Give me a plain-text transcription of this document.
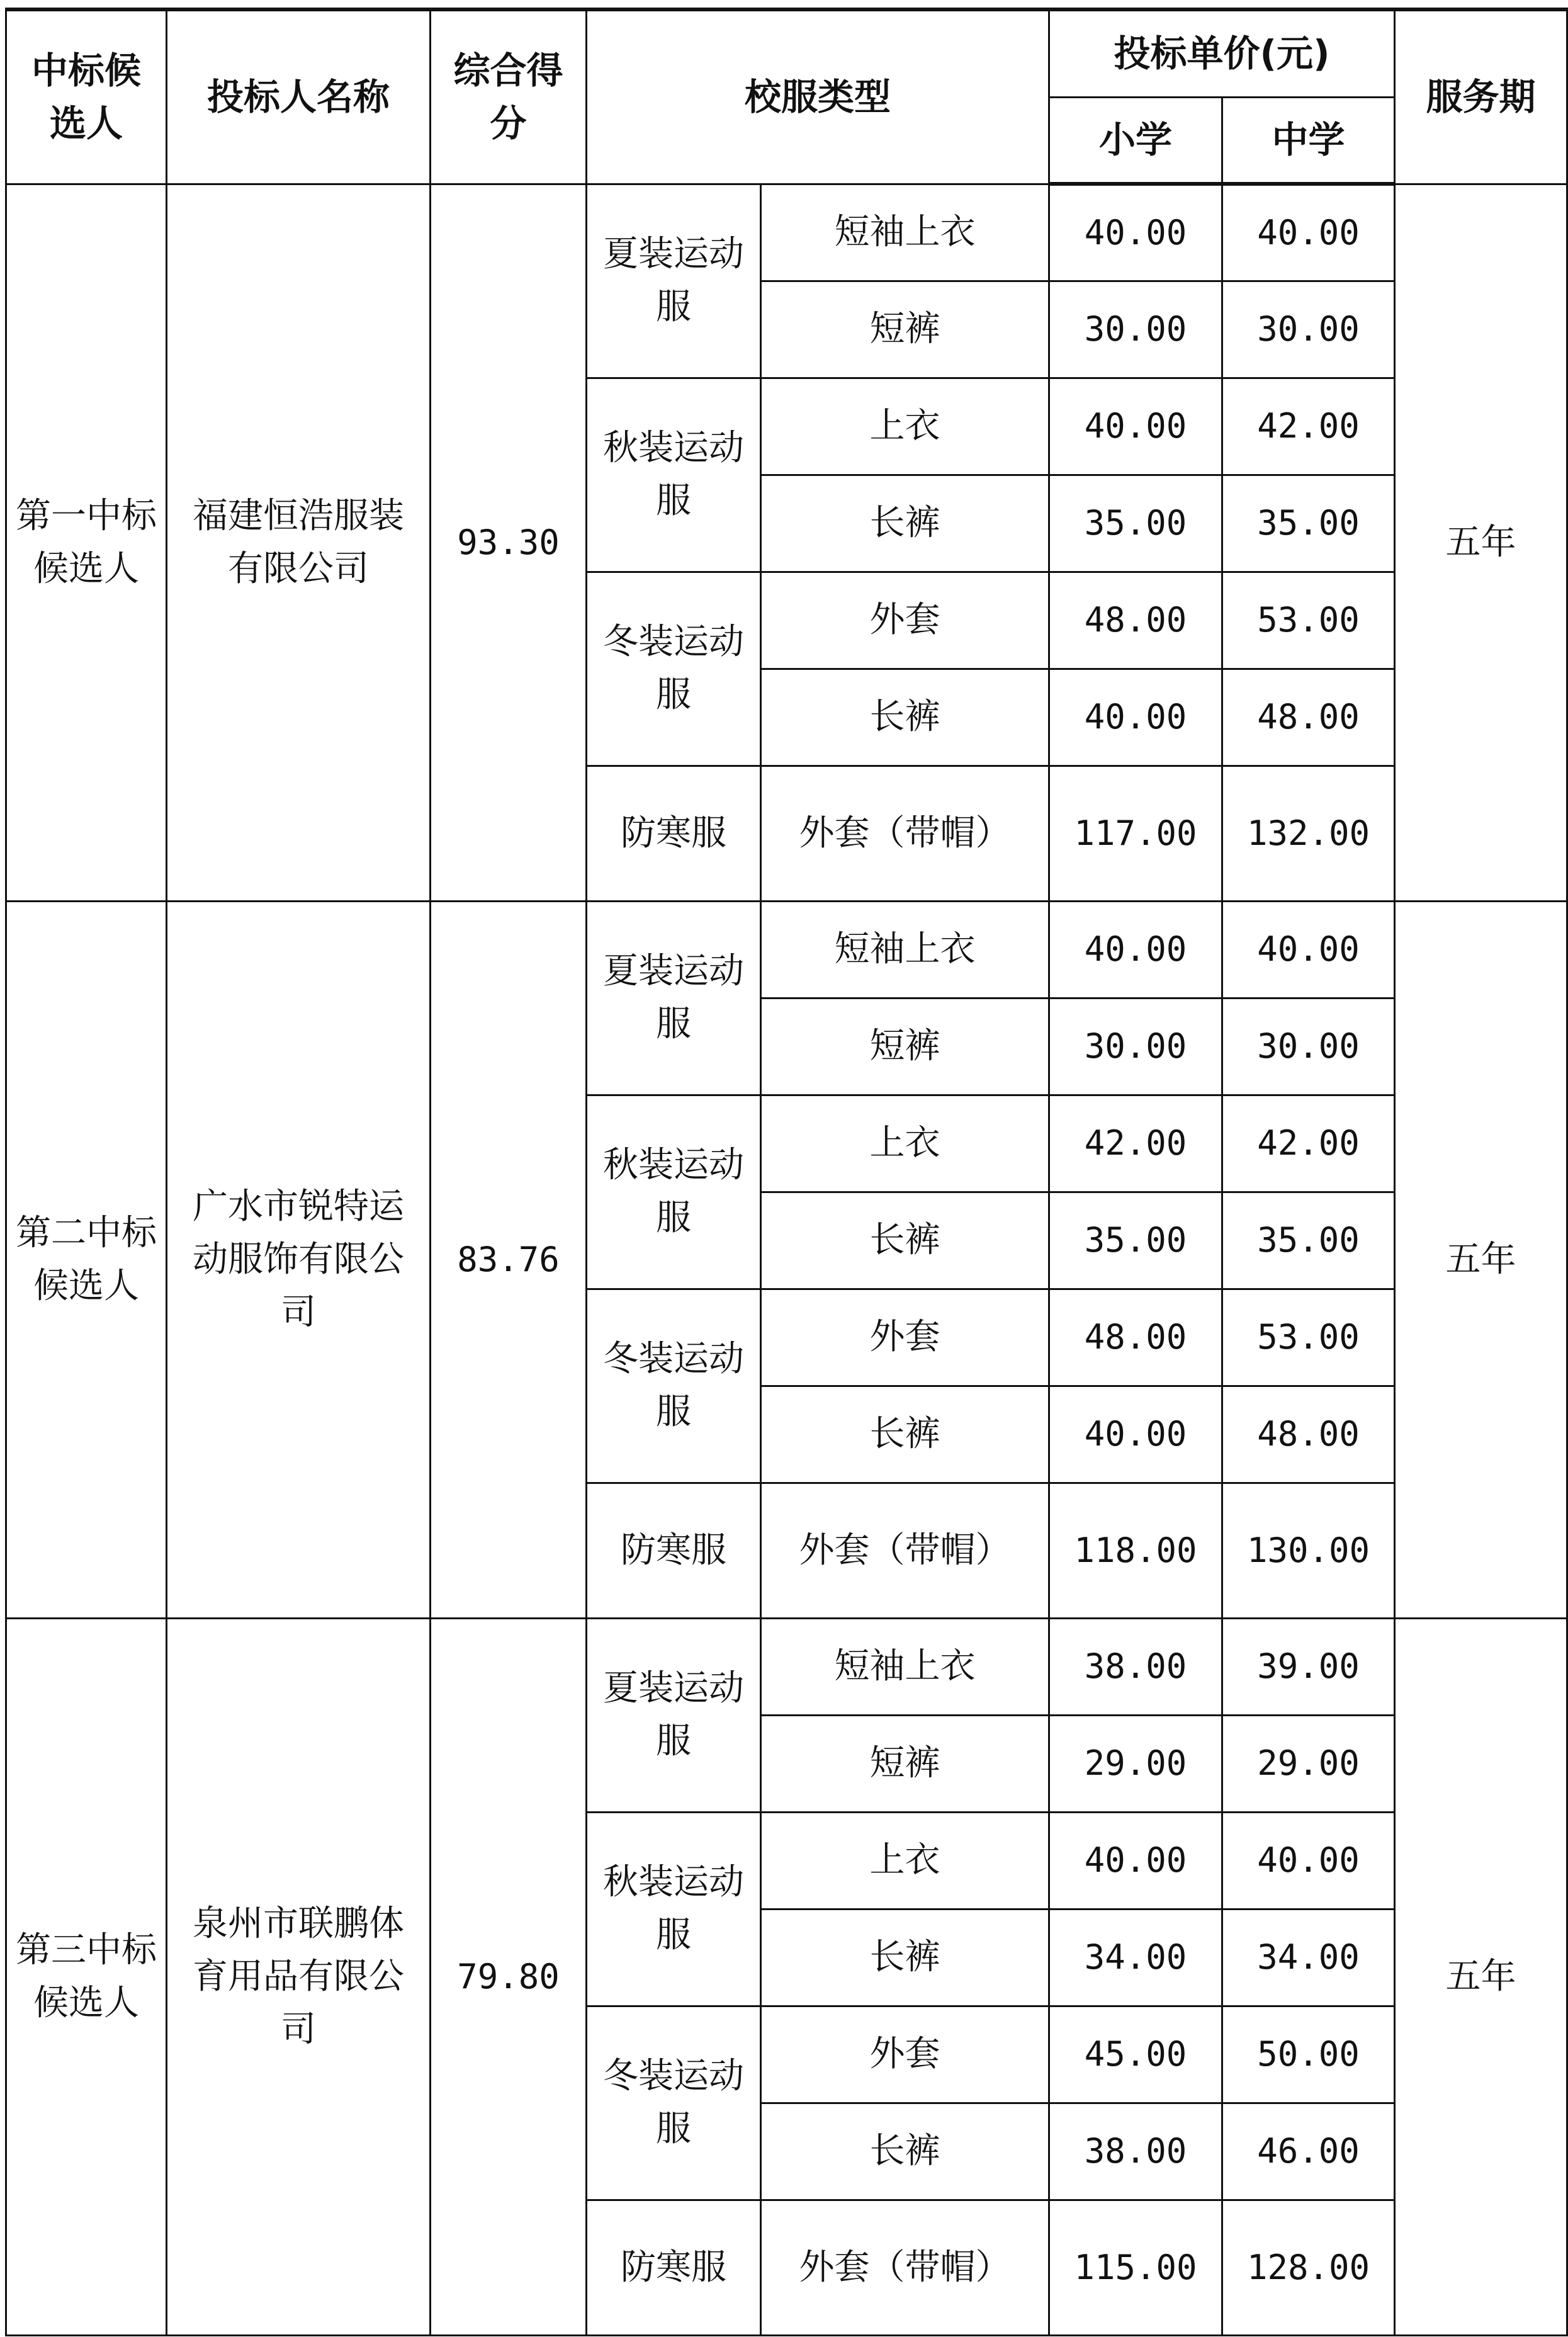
中标候选人	投标人名称	综合得分	校服类型		投标单价(元)		服务期
					小学	中学	
第一中标候选人	福建恒浩服装有限公司	93.30	夏装运动服	短袖上衣	40.00	40.00	五年
				短裤	30.00	30.00	
			秋装运动服	上衣	40.00	42.00	
				长裤	35.00	35.00	
			冬装运动服	外套	48.00	53.00	
				长裤	40.00	48.00	
			防寒服	外套（带帽）	117.00	132.00	
第二中标候选人	广水市锐特运动服饰有限公司	83.76	夏装运动服	短袖上衣	40.00	40.00	五年
				短裤	30.00	30.00	
			秋装运动服	上衣	42.00	42.00	
				长裤	35.00	35.00	
			冬装运动服	外套	48.00	53.00	
				长裤	40.00	48.00	
			防寒服	外套（带帽）	118.00	130.00	
第三中标候选人	泉州市联鹏体育用品有限公司	79.80	夏装运动服	短袖上衣	38.00	39.00	五年
				短裤	29.00	29.00	
			秋装运动服	上衣	40.00	40.00	
				长裤	34.00	34.00	
			冬装运动服	外套	45.00	50.00	
				长裤	38.00	46.00	
			防寒服	外套（带帽）	115.00	128.00	
